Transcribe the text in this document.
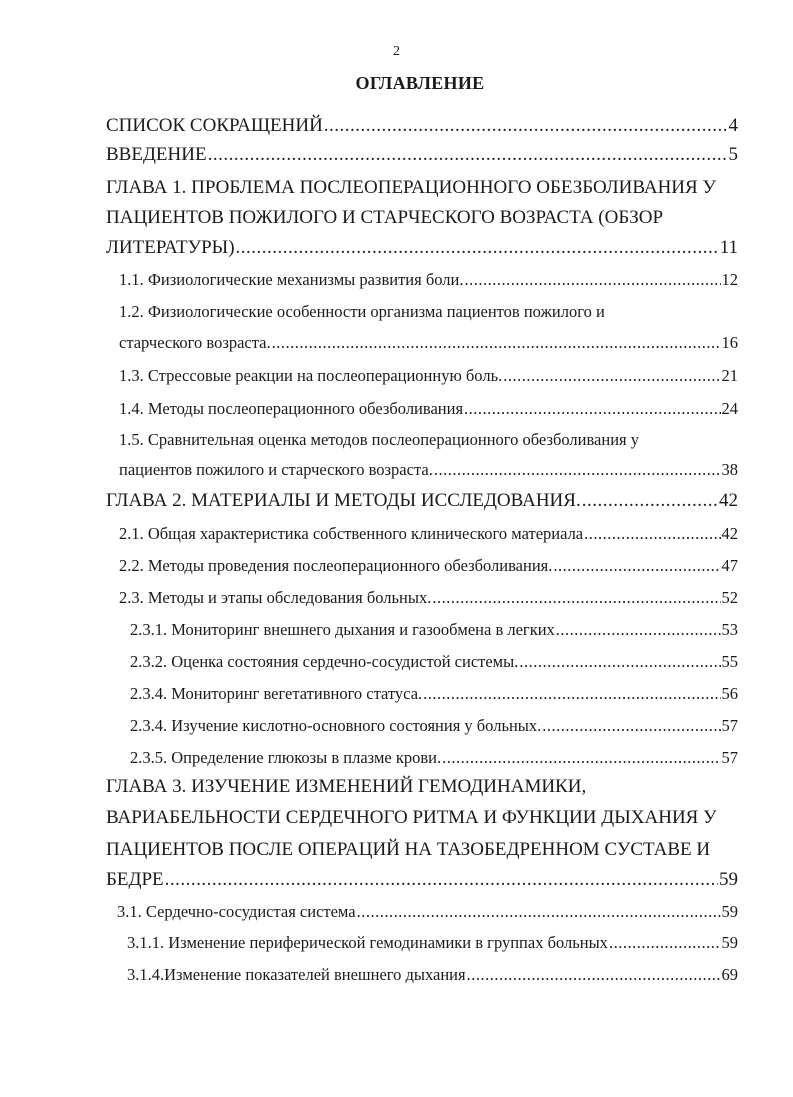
2
ОГЛАВЛЕНИЕ
СПИСОК СОКРАЩЕНИЙ .....	4
ВВЕДЕНИЕ .....	5
ГЛАВА 1. ПРОБЛЕМА ПОСЛЕОПЕРАЦИОННОГО ОБЕЗБОЛИВАНИЯ У
ПАЦИЕНТОВ ПОЖИЛОГО И СТАРЧЕСКОГО ВОЗРАСТА (ОБЗОР
ЛИТЕРАТУРЫ) .....	11
1.1. Физиологические механизмы развития боли. .....	12
1.2. Физиологические особенности организма пациентов пожилого и
старческого возраста. .....	16
1.3. Стрессовые реакции на послеоперационную боль. .....	21
1.4. Методы послеоперационного обезболивания .....	24
1.5. Сравнительная оценка методов послеоперационного обезболивания у
пациентов пожилого и старческого возраста. .....	38
ГЛАВА 2. МАТЕРИАЛЫ И МЕТОДЫ ИССЛЕДОВАНИЯ. .....	42
2.1. Общая характеристика собственного клинического материала .....	42
2.2. Методы проведения послеоперационного обезболивания. .....	47
2.3. Методы и этапы обследования больных. .....	52
2.3.1. Мониторинг внешнего дыхания и газообмена в легких .....	53
2.3.2. Оценка состояния сердечно-сосудистой системы. .....	55
2.3.4. Мониторинг вегетативного статуса. .....	56
2.3.4. Изучение кислотно-основного состояния у больных. .....	57
2.3.5. Определение глюкозы в плазме крови. .....	57
ГЛАВА 3. ИЗУЧЕНИЕ ИЗМЕНЕНИЙ ГЕМОДИНАМИКИ,
ВАРИАБЕЛЬНОСТИ СЕРДЕЧНОГО РИТМА И ФУНКЦИИ ДЫХАНИЯ У
ПАЦИЕНТОВ ПОСЛЕ ОПЕРАЦИЙ НА ТАЗОБЕДРЕННОМ СУСТАВЕ И
БЕДРЕ .....	59
3.1. Сердечно-сосудистая система .....	59
3.1.1. Изменение периферической гемодинамики в группах больных .....	59
3.1.4.Изменение показателей внешнего дыхания .....	69
